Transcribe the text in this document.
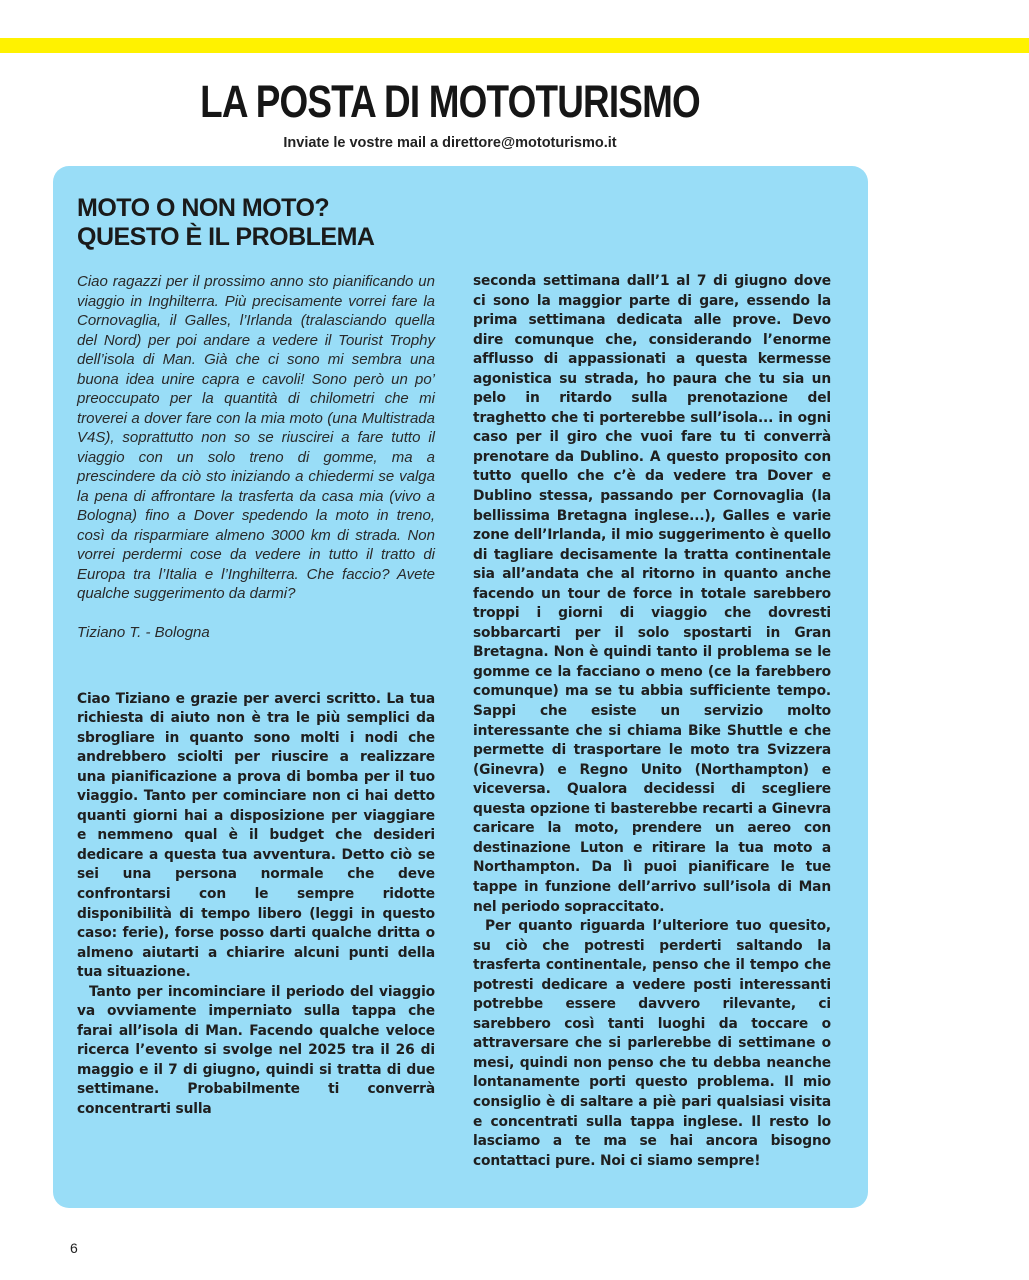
LA POSTA DI MOTOTURISMO
Inviate le vostre mail a direttore@mototurismo.it
MOTO O NON MOTO?
QUESTO È IL PROBLEMA

Ciao ragazzi per il prossimo anno sto pianificando un viaggio in Inghilterra. Più precisamente vorrei fare la Cornovaglia, il Galles, l’Irlanda (tralasciando quella del Nord) per poi andare a vedere il Tourist Trophy dell’isola di Man. Già che ci sono mi sembra una buona idea unire capra e cavoli! Sono però un po’ preoccupato per la quantità di chilometri che mi troverei a dover fare con la mia moto (una Multistrada V4S), soprattutto non so se riuscirei a fare tutto il viaggio con un solo treno di gomme, ma a prescindere da ciò sto iniziando a chiedermi se valga la pena di affrontare la trasferta da casa mia (vivo a Bologna) fino a Dover spedendo la moto in treno, così da risparmiare almeno 3000 km di strada. Non vorrei perdermi cose da vedere in tutto il tratto di Europa tra l’Italia e l’Inghilterra. Che faccio? Avete qualche suggerimento da darmi?

Tiziano T. - Bologna

Ciao Tiziano e grazie per averci scritto. La tua richiesta di aiuto non è tra le più semplici da sbrogliare in quanto sono molti i nodi che andrebbero sciolti per riuscire a realizzare una pianificazione a prova di bomba per il tuo viaggio. Tanto per cominciare non ci hai detto quanti giorni hai a disposizione per viaggiare e nemmeno qual è il budget che desideri dedicare a questa tua avventura. Detto ciò se sei una persona normale che deve confrontarsi con le sempre ridotte disponibilità di tempo libero (leggi in questo caso: ferie), forse posso darti qualche dritta o almeno aiutarti a chiarire alcuni punti della tua situazione.

Tanto per incominciare il periodo del viaggio va ovviamente imperniato sulla tappa che farai all’isola di Man. Facendo qualche veloce ricerca l’evento si svolge nel 2025 tra il 26 di maggio e il 7 di giugno, quindi si tratta di due settimane. Probabilmente ti converrà concentrarti sulla

seconda settimana dall’1 al 7 di giugno dove ci sono la maggior parte di gare, essendo la prima settimana dedicata alle prove. Devo dire comunque che, considerando l’enorme afflusso di appassionati a questa kermesse agonistica su strada, ho paura che tu sia un pelo in ritardo sulla prenotazione del traghetto che ti porterebbe sull’isola... in ogni caso per il giro che vuoi fare tu ti converrà prenotare da Dublino. A questo proposito con tutto quello che c’è da vedere tra Dover e Dublino stessa, passando per Cornovaglia (la bellissima Bretagna inglese...), Galles e varie zone dell’Irlanda, il mio suggerimento è quello di tagliare decisamente la tratta continentale sia all’andata che al ritorno in quanto anche facendo un tour de force in totale sarebbero troppi i giorni di viaggio che dovresti sobbarcarti per il solo spostarti in Gran Bretagna. Non è quindi tanto il problema se le gomme ce la facciano o meno (ce la farebbero comunque) ma se tu abbia sufficiente tempo. Sappi che esiste un servizio molto interessante che si chiama Bike Shuttle e che permette di trasportare le moto tra Svizzera (Ginevra) e Regno Unito (Northampton) e viceversa. Qualora decidessi di scegliere questa opzione ti basterebbe recarti a Ginevra caricare la moto, prendere un aereo con destinazione Luton e ritirare la tua moto a Northampton. Da lì puoi pianificare le tue tappe in funzione dell’arrivo sull’isola di Man nel periodo sopraccitato.

Per quanto riguarda l’ulteriore tuo quesito, su ciò che potresti perderti saltando la trasferta continentale, penso che il tempo che potresti dedicare a vedere posti interessanti potrebbe essere davvero rilevante, ci sarebbero così tanti luoghi da toccare o attraversare che si parlerebbe di settimane o mesi, quindi non penso che tu debba neanche lontanamente porti questo problema. Il mio consiglio è di saltare a piè pari qualsiasi visita e concentrati sulla tappa inglese. Il resto lo lasciamo a te ma se hai ancora bisogno contattaci pure. Noi ci siamo sempre!

6
